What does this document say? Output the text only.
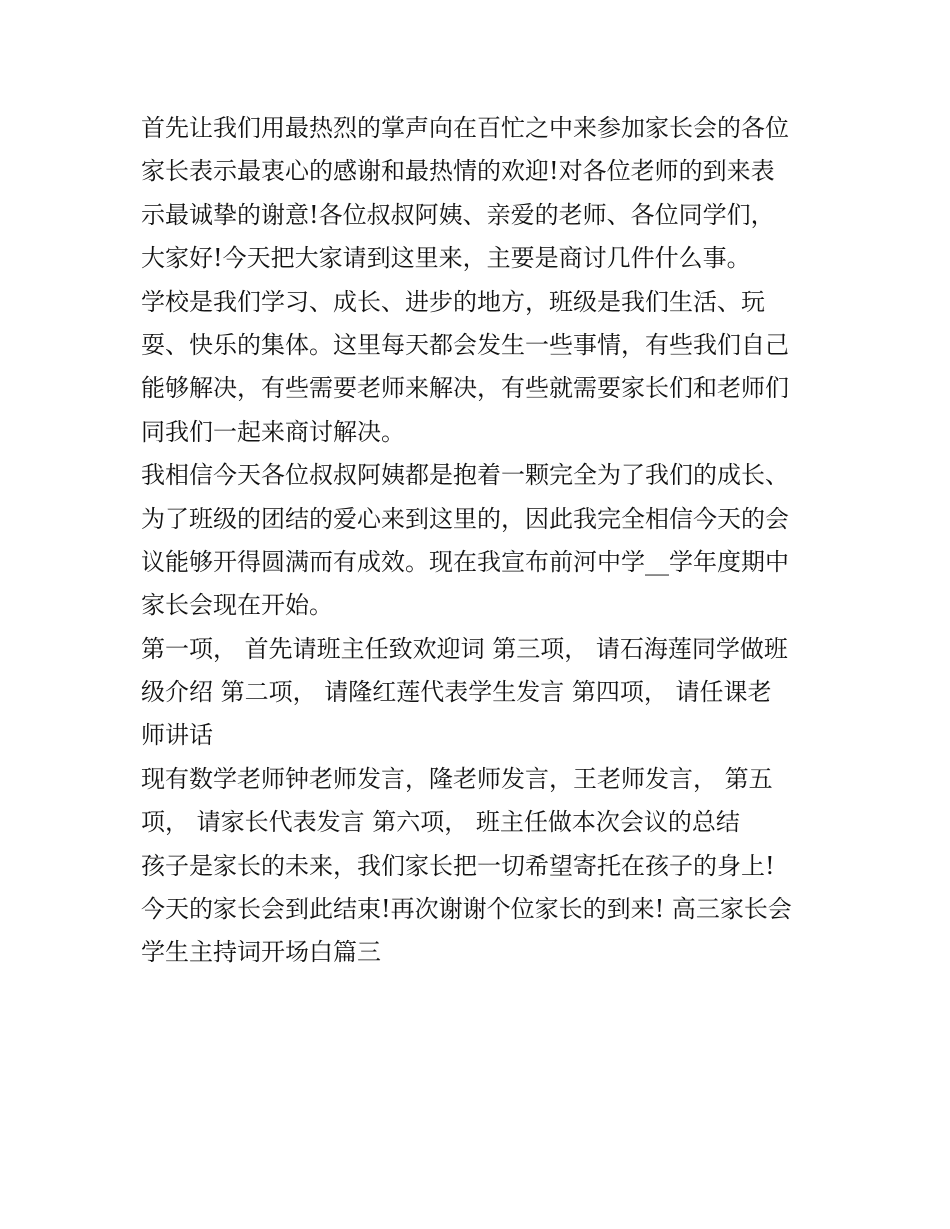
首先让我们用最热烈的掌声向在百忙之中来参加家长会的各位
家长表示最衷心的感谢和最热情的欢迎!对各位老师的到来表
示最诚挚的谢意!各位叔叔阿姨、亲爱的老师、各位同学们，
大家好!今天把大家请到这里来，主要是商讨几件什么事。
学校是我们学习、成长、进步的地方，班级是我们生活、玩
耍、快乐的集体。这里每天都会发生一些事情，有些我们自己
能够解决，有些需要老师来解决，有些就需要家长们和老师们
同我们一起来商讨解决。
我相信今天各位叔叔阿姨都是抱着一颗完全为了我们的成长、
为了班级的团结的爱心来到这里的，因此我完全相信今天的会
议能够开得圆满而有成效。现在我宣布前河中学__学年度期中
家长会现在开始。
第一项， 首先请班主任致欢迎词 第三项， 请石海莲同学做班
级介绍 第二项， 请隆红莲代表学生发言 第四项， 请任课老
师讲话
现有数学老师钟老师发言，隆老师发言，王老师发言， 第五
项， 请家长代表发言 第六项， 班主任做本次会议的总结
孩子是家长的未来，我们家长把一切希望寄托在孩子的身上!
今天的家长会到此结束!再次谢谢个位家长的到来! 高三家长会
学生主持词开场白篇三
